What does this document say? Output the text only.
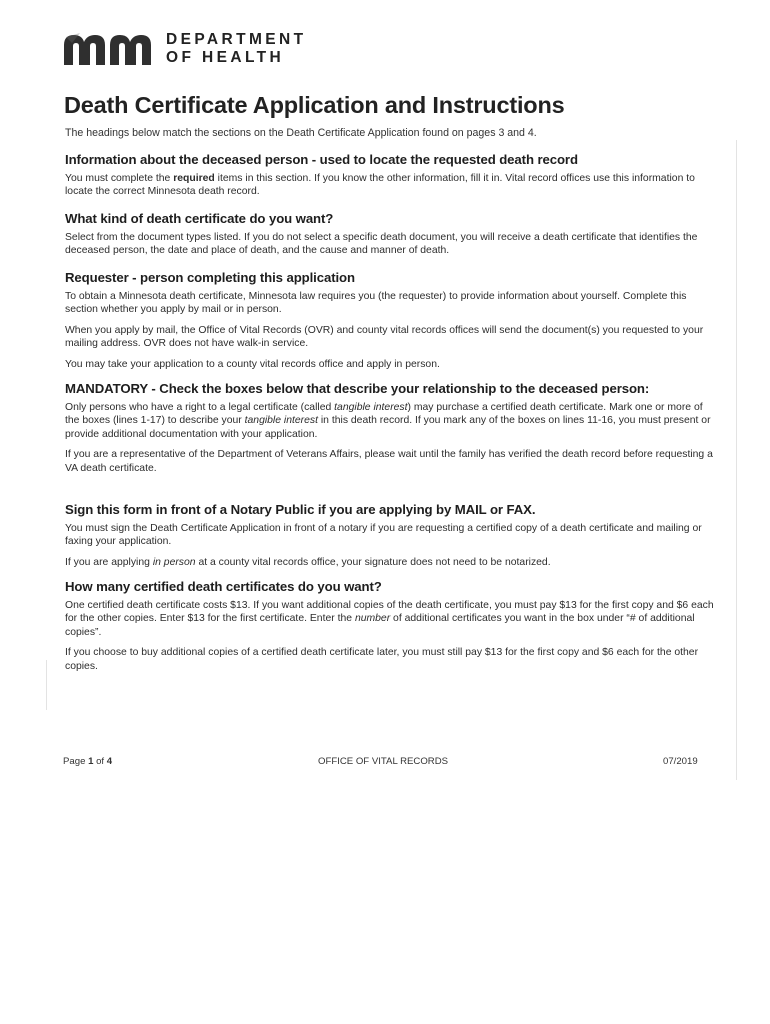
DEPARTMENT
OF HEALTH
Death Certificate Application and Instructions
The headings below match the sections on the Death Certificate Application found on pages 3 and 4.
Information about the deceased person - used to locate the requested death record

You must complete the required items in this section. If you know the other information, fill it in. Vital record offices use this information to locate the correct Minnesota death record.

What kind of death certificate do you want?

Select from the document types listed. If you do not select a specific death document, you will receive a death certificate that identifies the deceased person, the date and place of death, and the cause and manner of death.

Requester - person completing this application

To obtain a Minnesota death certificate, Minnesota law requires you (the requester) to provide information about yourself. Complete this section whether you apply by mail or in person.

When you apply by mail, the Office of Vital Records (OVR) and county vital records offices will send the document(s) you requested to your mailing address. OVR does not have walk-in service.

You may take your application to a county vital records office and apply in person.

MANDATORY - Check the boxes below that describe your relationship to the deceased person:

Only persons who have a right to a legal certificate (called tangible interest) may purchase a certified death certificate. Mark one or more of the boxes (lines 1-17) to describe your tangible interest in this death record. If you mark any of the boxes on lines 11-16, you must present or provide additional documentation with your application.

If you are a representative of the Department of Veterans Affairs, please wait until the family has verified the death record before requesting a VA death certificate.

Sign this form in front of a Notary Public if you are applying by MAIL or FAX.

You must sign the Death Certificate Application in front of a notary if you are requesting a certified copy of a death certificate and mailing or faxing your application.

If you are applying in person at a county vital records office, your signature does not need to be notarized.

How many certified death certificates do you want?

One certified death certificate costs $13. If you want additional copies of the death certificate, you must pay $13 for the first copy and $6 each for the other copies. Enter $13 for the first certificate. Enter the number of additional certificates you want in the box under “# of additional copies”.

If you choose to buy additional copies of a certified death certificate later, you must still pay $13 for the first copy and $6 each for the other copies.

Page 1 of 4	OFFICE OF VITAL RECORDS	07/2019
